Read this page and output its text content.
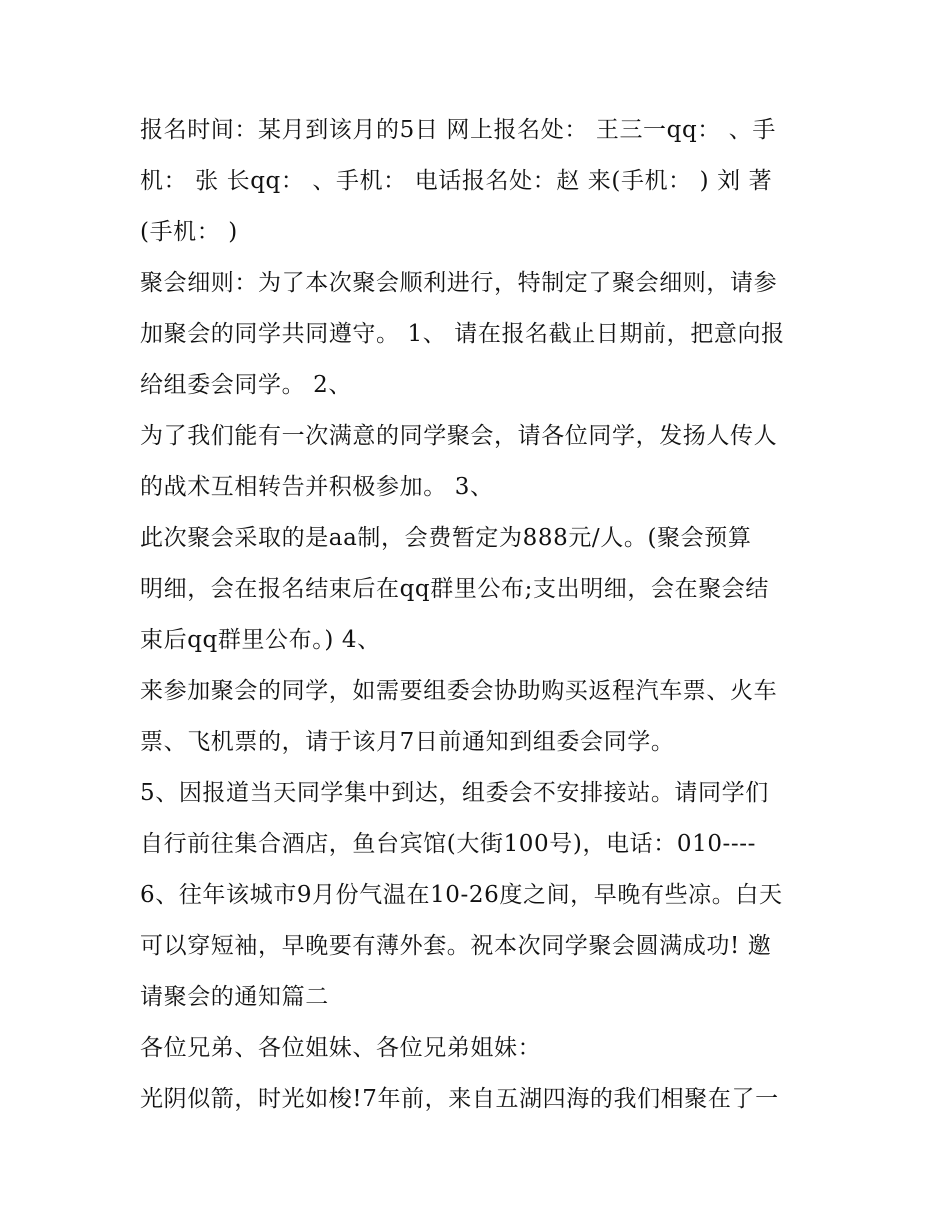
报名时间：某月到该月的5日 网上报名处： 王三一qq： 、手
机： 张 长qq： 、手机： 电话报名处：赵 来(手机： ) 刘 著
(手机： )
聚会细则：为了本次聚会顺利进行，特制定了聚会细则，请参
加聚会的同学共同遵守。 1、 请在报名截止日期前，把意向报
给组委会同学。 2、
为了我们能有一次满意的同学聚会，请各位同学，发扬人传人
的战术互相转告并积极参加。 3、
此次聚会采取的是aa制，会费暂定为888元/人。(聚会预算
明细，会在报名结束后在qq群里公布;支出明细，会在聚会结
束后qq群里公布。) 4、
来参加聚会的同学，如需要组委会协助购买返程汽车票、火车
票、飞机票的，请于该月7日前通知到组委会同学。
5、因报道当天同学集中到达，组委会不安排接站。请同学们
自行前往集合酒店，鱼台宾馆(大街100号)，电话：010----
6、往年该城市9月份气温在10-26度之间，早晚有些凉。白天
可以穿短袖，早晚要有薄外套。祝本次同学聚会圆满成功! 邀
请聚会的通知篇二
各位兄弟、各位姐妹、各位兄弟姐妹：
光阴似箭，时光如梭!7年前，来自五湖四海的我们相聚在了一
